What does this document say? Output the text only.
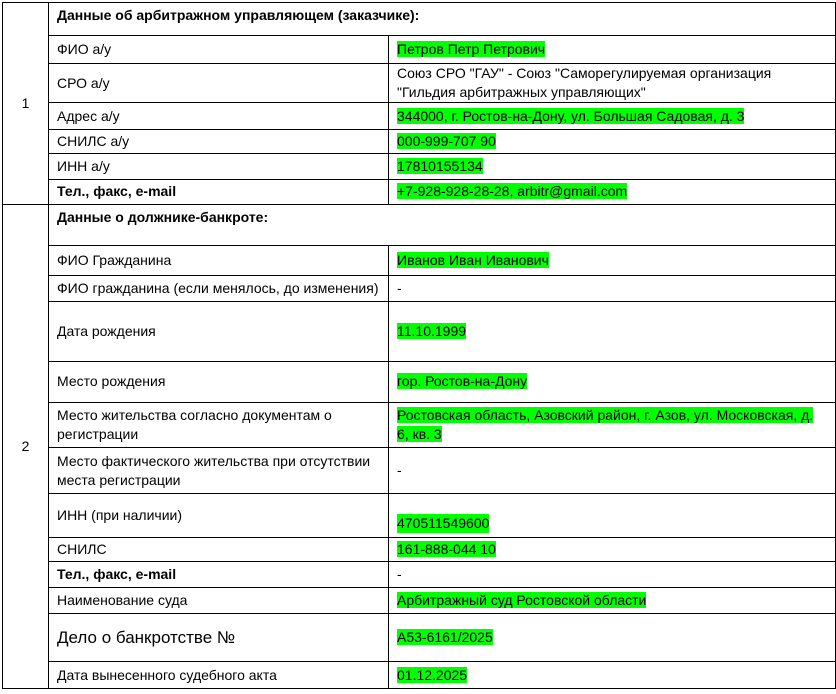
1	Данные об арбитражном управляющем (заказчике):	
	ФИО а/у	Петров Петр Петрович
	СРО а/у	Союз СРО "ГАУ" - Союз "Саморегулируемая организация "Гильдия арбитражных управляющих"
	Адрес а/у	344000, г. Ростов-на-Дону, ул. Большая Садовая, д. 3
	СНИЛС а/у	000-999-707 90
	ИНН а/у	17810155134
	Тел., факс, e-mail	+7-928-928-28-28, arbitr@gmail.com
2	Данные о должнике-банкроте:	
	ФИО Гражданина	Иванов Иван Иванович
	ФИО гражданина (если менялось, до изменения)	-
	Дата рождения	11.10.1999
	Место рождения	гор. Ростов-на-Дону
	Место жительства согласно документам о регистрации	Ростовская область, Азовский район, г. Азов, ул. Московская, д. 6, кв. 3
	Место фактического жительства при отсутствии места регистрации	-
	ИНН (при наличии)	470511549600
	СНИЛС	161-888-044 10
	Тел., факс, e-mail	-
	Наименование суда	Арбитражный суд Ростовской области
	Дело о банкротстве №	А53-6161/2025
	Дата вынесенного судебного акта	01.12.2025
